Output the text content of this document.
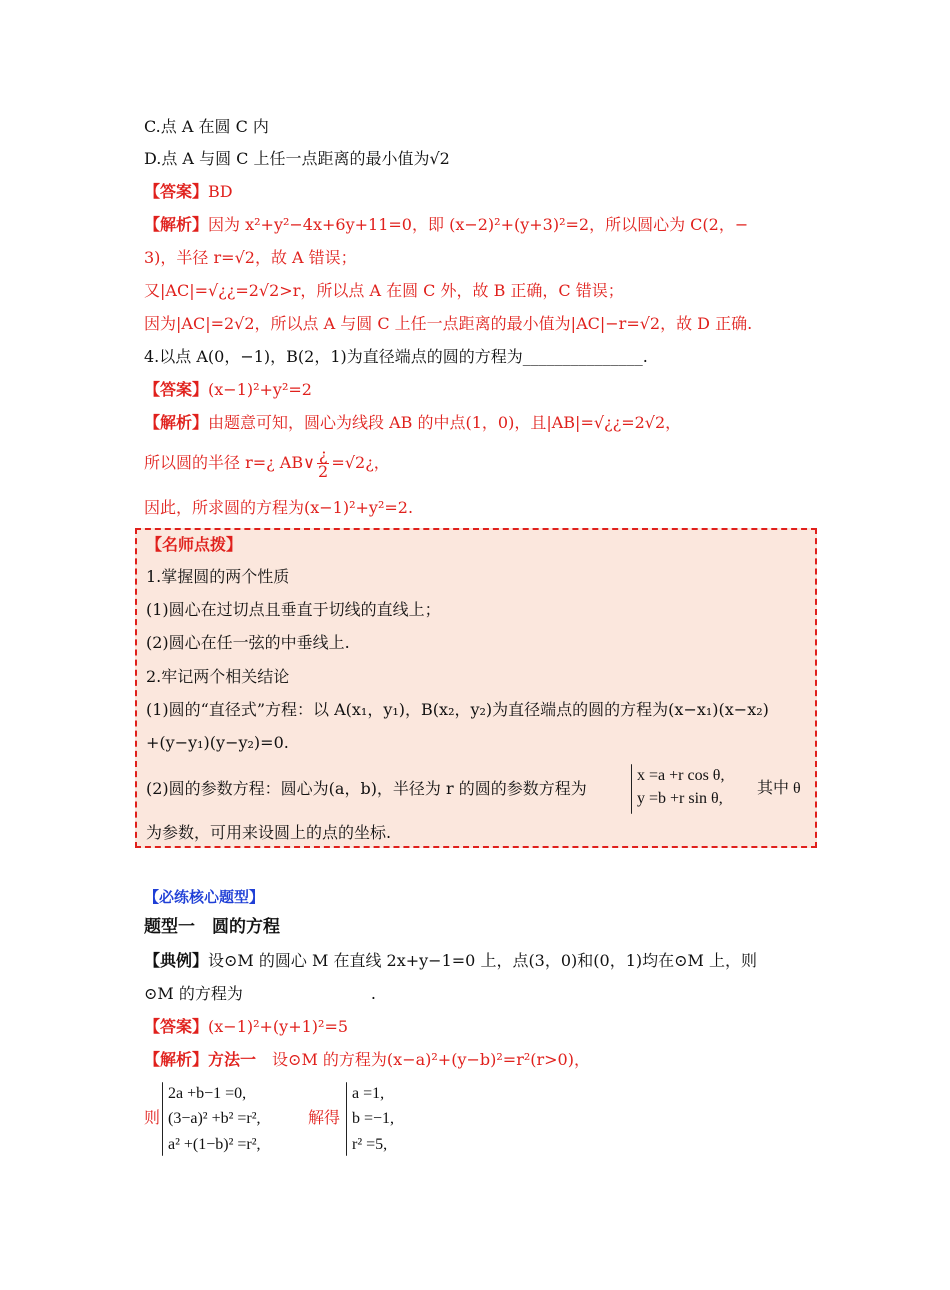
C.点 A 在圆 C 内
D.点 A 与圆 C 上任一点距离的最小值为√2
【答案】BD
【解析】因为 x²+y²−4x+6y+11=0，即 (x−2)²+(y+3)²=2，所以圆心为 C(2，−
3)，半径 r=√2，故 A 错误；
又|AC|=√¿¿=2√2>r，所以点 A 在圆 C 外，故 B 正确，C 错误；
因为|AC|=2√2，所以点 A 与圆 C 上任一点距离的最小值为|AC|−r=√2，故 D 正确.
4.以点 A(0，−1)，B(2，1)为直径端点的圆的方程为_______________.
【答案】(x−1)²+y²=2
【解析】由题意可知，圆心为线段 AB 的中点(1，0)，且|AB|=√¿¿=2√2，
所以圆的半径 r=¿ AB∨ $\frac{¿}{2}$ =√2¿，
因此，所求圆的方程为(x−1)²+y²=2.
【名师点拨】
1.掌握圆的两个性质
(1)圆心在过切点且垂直于切线的直线上；
(2)圆心在任一弦的中垂线上.
2.牢记两个相关结论
(1)圆的“直径式”方程：以 A(x₁，y₁)，B(x₂，y₂)为直径端点的圆的方程为(x−x₁)(x−x₂)
+(y−y₁)(y−y₂)=0.
(2)圆的参数方程：圆心为(a，b)，半径为 r 的圆的参数方程为
x =a +r cos θ,
y =b +r sin θ,
其中 θ
为参数，可用来设圆上的点的坐标.
【必练核心题型】
题型一　圆的方程
【典例】设⊙M 的圆心 M 在直线 2x+y−1=0 上，点(3，0)和(0，1)均在⊙M 上，则
⊙M 的方程为　　　　　　　　.
【答案】(x−1)²+(y+1)²=5
【解析】方法一　 设⊙M 的方程为(x−a)²+(y−b)²=r²(r>0)，
则
2a +b−1 =0,
(3−a)² +b² =r²,
a² +(1−b)² =r²,
解得
a =1,
b =−1,
r² =5,
